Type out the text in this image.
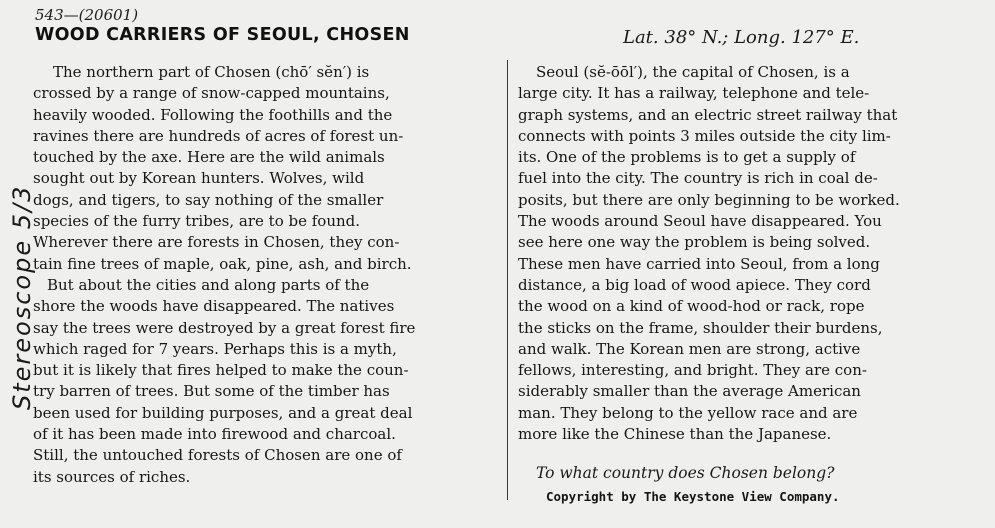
543—(20601)
WOOD CARRIERS OF SEOUL, CHOSEN	Lat. 38° N.; Long. 127° E.
Stereoscope 5/3
The northern part of Chosen (chō′ sĕn′) is
crossed by a range of snow-capped mountains,
heavily wooded. Following the foothills and the
ravines there are hundreds of acres of forest un-
touched by the axe. Here are the wild animals
sought out by Korean hunters. Wolves, wild
dogs, and tigers, to say nothing of the smaller
species of the furry tribes, are to be found.
Wherever there are forests in Chosen, they con-
tain fine trees of maple, oak, pine, ash, and birch.
But about the cities and along parts of the
shore the woods have disappeared. The natives
say the trees were destroyed by a great forest fire
which raged for 7 years. Perhaps this is a myth,
but it is likely that fires helped to make the coun-
try barren of trees. But some of the timber has
been used for building purposes, and a great deal
of it has been made into firewood and charcoal.
Still, the untouched forests of Chosen are one of
its sources of riches.
Seoul (sĕ-ōōl′), the capital of Chosen, is a
large city. It has a railway, telephone and tele-
graph systems, and an electric street railway that
connects with points 3 miles outside the city lim-
its. One of the problems is to get a supply of
fuel into the city. The country is rich in coal de-
posits, but there are only beginning to be worked.
The woods around Seoul have disappeared. You
see here one way the problem is being solved.
These men have carried into Seoul, from a long
distance, a big load of wood apiece. They cord
the wood on a kind of wood-hod or rack, rope
the sticks on the frame, shoulder their burdens,
and walk. The Korean men are strong, active
fellows, interesting, and bright. They are con-
siderably smaller than the average American
man. They belong to the yellow race and are
more like the Chinese than the Japanese.
To what country does Chosen belong?
Copyright by The Keystone View Company.
